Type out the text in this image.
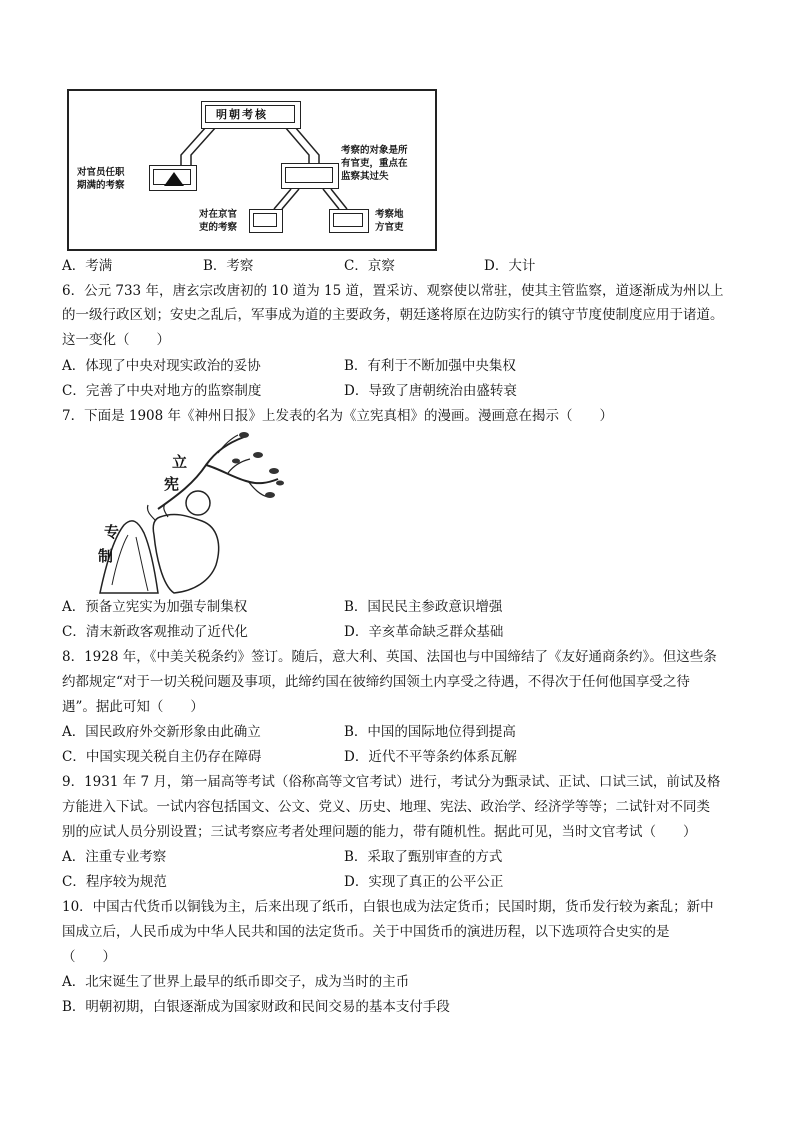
明朝考核
对官员任职
期满的考察
考察的对象是所
有官吏，重点在
监察其过失
对在京官
吏的考察
考察地
方官吏
A．考满	B．考察	C．京察	D．大计
6．公元 733 年，唐玄宗改唐初的 10 道为 15 道，置采访、观察使以常驻，使其主管监察，道逐渐成为州以上
的一级行政区划；安史之乱后，军事成为道的主要政务，朝廷遂将原在边防实行的镇守节度使制度应用于诸道。
这一变化（　　）
A．体现了中央对现实政治的妥协	B．有利于不断加强中央集权
C．完善了中央对地方的监察制度	D．导致了唐朝统治由盛转衰
7．下面是 1908 年《神州日报》上发表的名为《立宪真相》的漫画。漫画意在揭示（　　）
立
宪
专
制
A．预备立宪实为加强专制集权	B．国民民主参政意识增强
C．清末新政客观推动了近代化	D．辛亥革命缺乏群众基础
8．1928 年，《中美关税条约》签订。随后，意大利、英国、法国也与中国缔结了《友好通商条约》。但这些条
约都规定“对于一切关税问题及事项，此缔约国在彼缔约国领土内享受之待遇，不得次于任何他国享受之待
遇”。据此可知（　　）
A．国民政府外交新形象由此确立	B．中国的国际地位得到提高
C．中国实现关税自主仍存在障碍	D．近代不平等条约体系瓦解
9．1931 年 7 月，第一届高等考试（俗称高等文官考试）进行，考试分为甄录试、正试、口试三试，前试及格
方能进入下试。一试内容包括国文、公文、党义、历史、地理、宪法、政治学、经济学等等；二试针对不同类
别的应试人员分别设置；三试考察应考者处理问题的能力，带有随机性。据此可见，当时文官考试（　　）
A．注重专业考察	B．采取了甄别审查的方式
C．程序较为规范	D．实现了真正的公平公正
10．中国古代货币以铜钱为主，后来出现了纸币，白银也成为法定货币；民国时期，货币发行较为紊乱；新中
国成立后，人民币成为中华人民共和国的法定货币。关于中国货币的演进历程，以下选项符合史实的是
（　　）
A．北宋诞生了世界上最早的纸币即交子，成为当时的主币
B．明朝初期，白银逐渐成为国家财政和民间交易的基本支付手段
